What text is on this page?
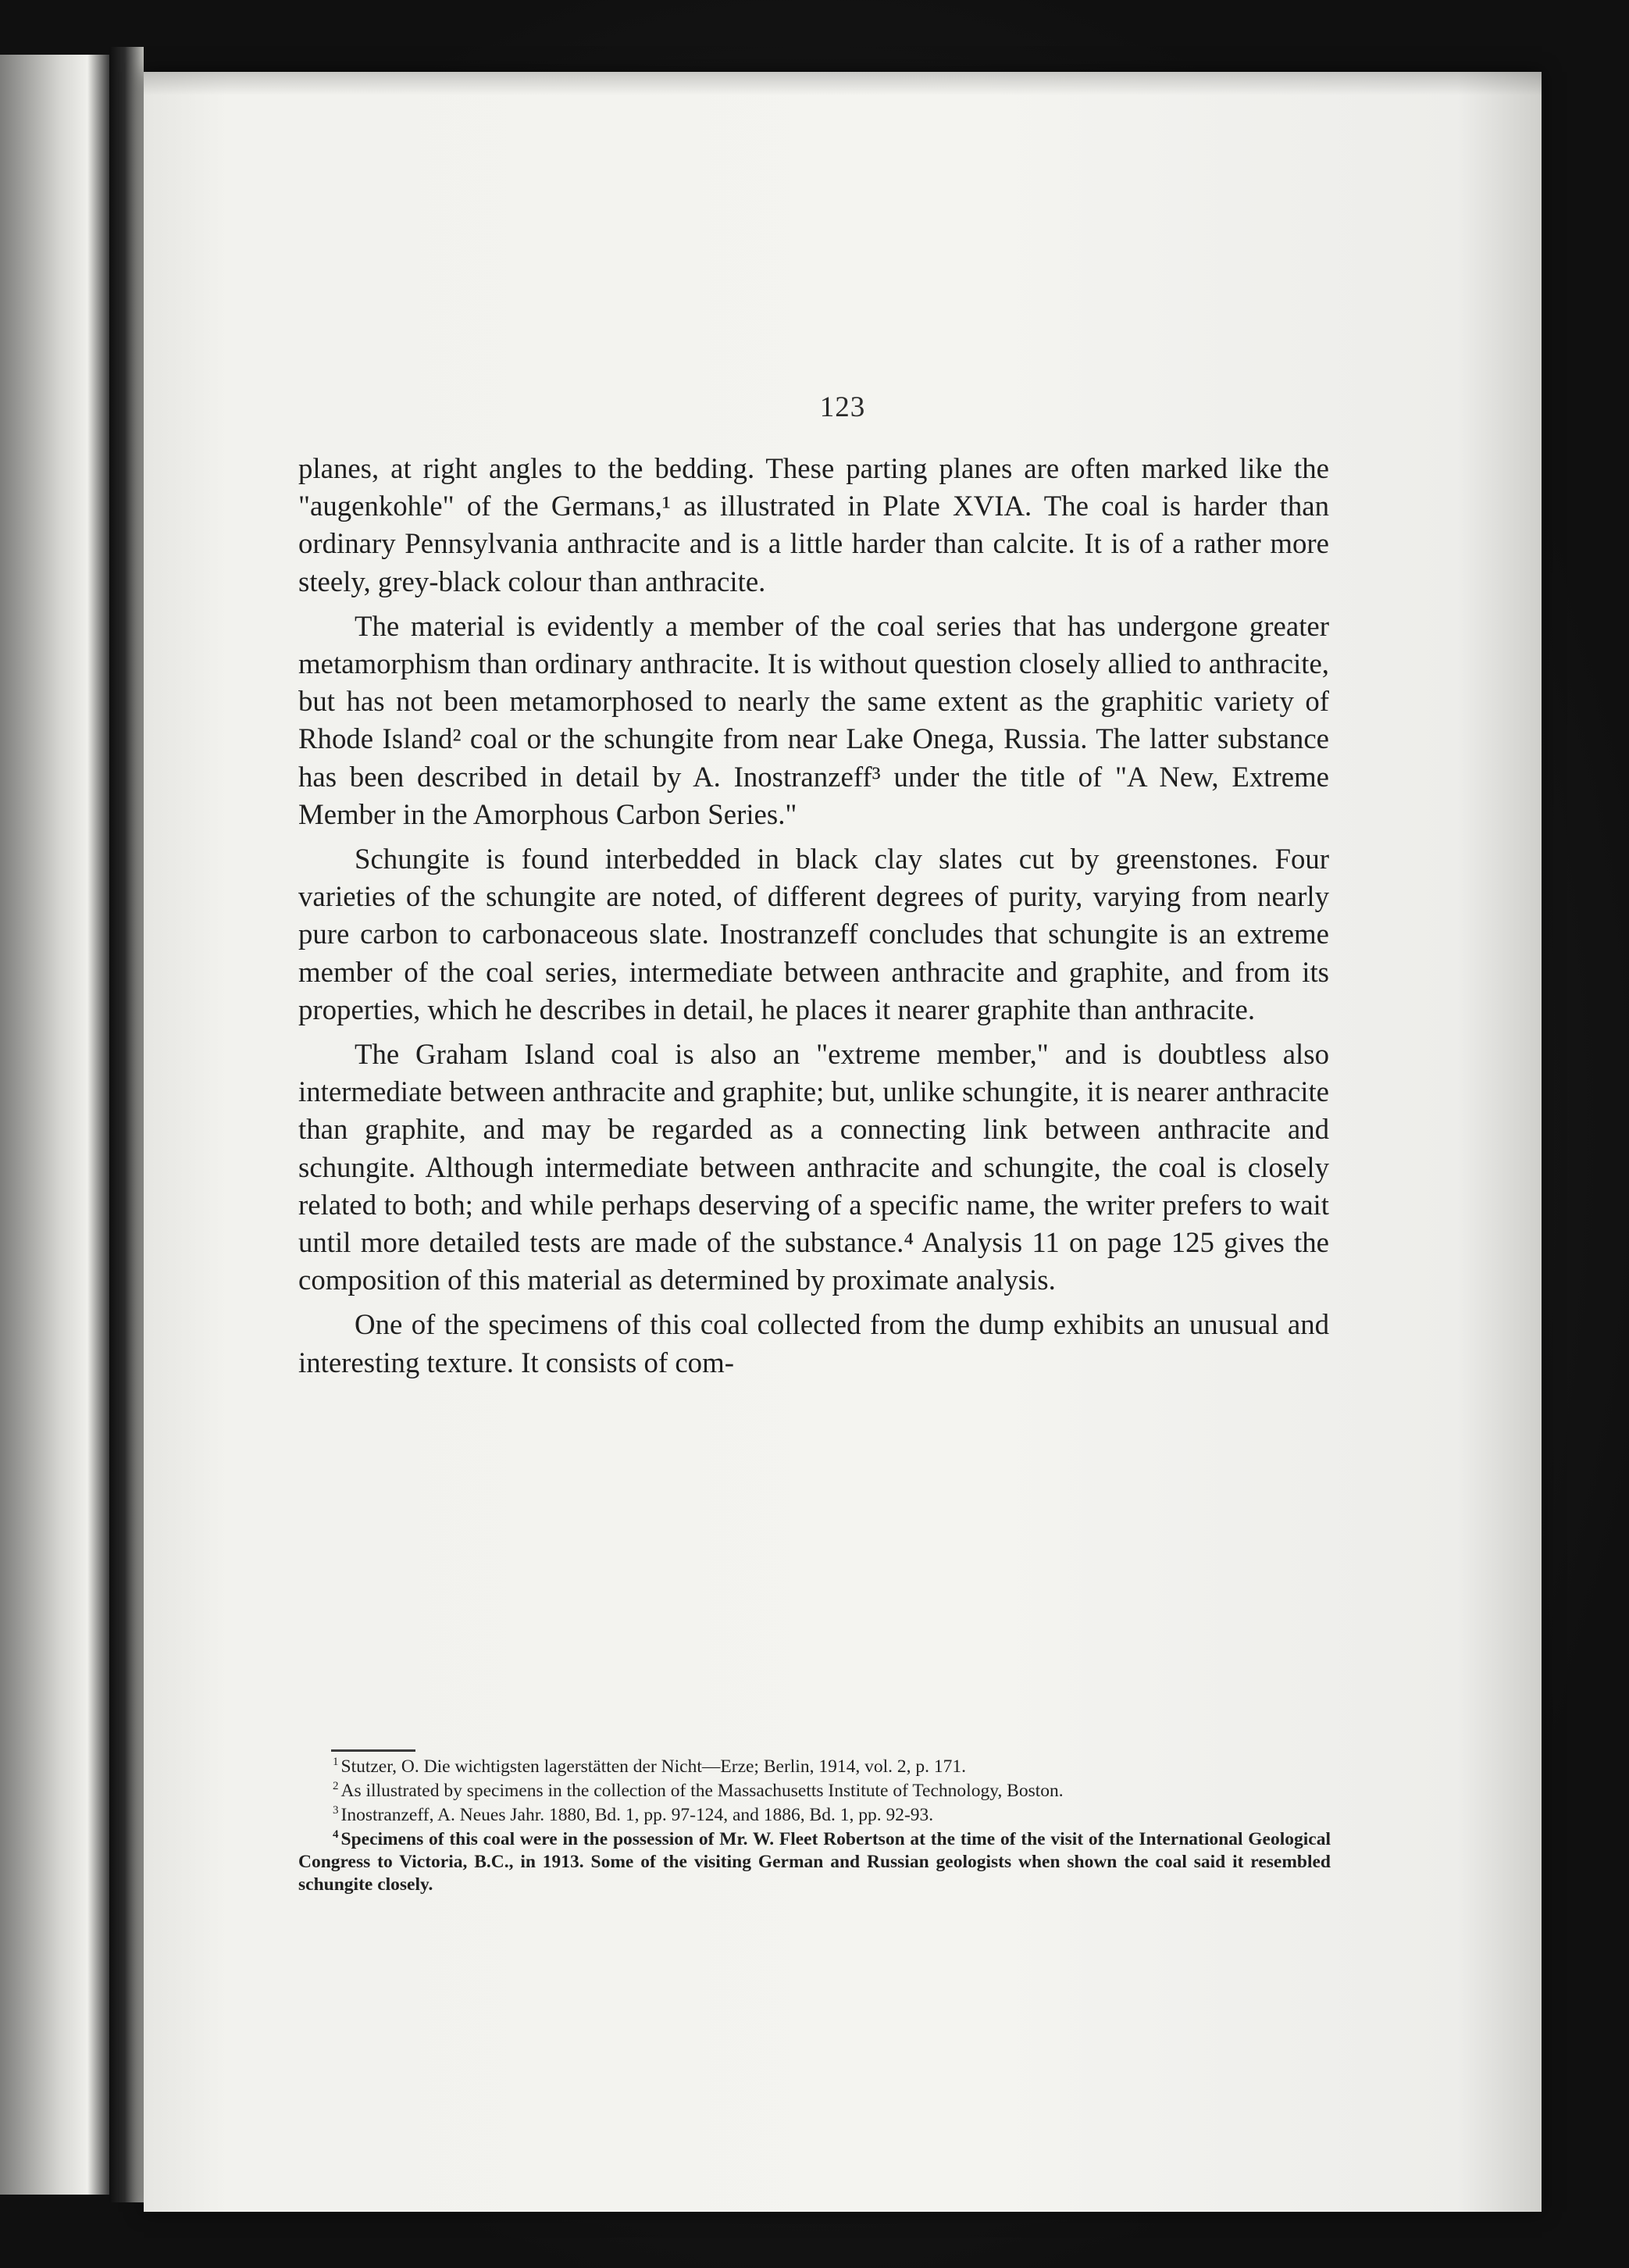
123

planes, at right angles to the bedding. These parting planes are often marked like the "augenkohle" of the Germans,¹ as illustrated in Plate XVIA. The coal is harder than ordinary Pennsylvania anthracite and is a little harder than calcite. It is of a rather more steely, grey-black colour than anthracite.

The material is evidently a member of the coal series that has undergone greater metamorphism than ordinary anthracite. It is without question closely allied to anthracite, but has not been metamorphosed to nearly the same extent as the graphitic variety of Rhode Island² coal or the schungite from near Lake Onega, Russia. The latter substance has been described in detail by A. Inostranzeff³ under the title of "A New, Extreme Member in the Amorphous Carbon Series."

Schungite is found interbedded in black clay slates cut by greenstones. Four varieties of the schungite are noted, of different degrees of purity, varying from nearly pure carbon to carbonaceous slate. Inostranzeff concludes that schungite is an extreme member of the coal series, intermediate between anthracite and graphite, and from its properties, which he describes in detail, he places it nearer graphite than anthracite.

The Graham Island coal is also an "extreme member," and is doubtless also intermediate between anthracite and graphite; but, unlike schungite, it is nearer anthracite than graphite, and may be regarded as a connecting link between anthracite and schungite. Although intermediate between anthracite and schungite, the coal is closely related to both; and while perhaps deserving of a specific name, the writer prefers to wait until more detailed tests are made of the substance.⁴ Analysis 11 on page 125 gives the composition of this material as determined by proximate analysis.

One of the specimens of this coal collected from the dump exhibits an unusual and interesting texture. It consists of com-

$^1$ Stutzer, O. Die wichtigsten lagerstätten der Nicht—Erze; Berlin, 1914, vol. 2, p. 171.

$^2$ As illustrated by specimens in the collection of the Massachusetts Institute of Technology, Boston.

$^3$ Inostranzeff, A. Neues Jahr. 1880, Bd. 1, pp. 97-124, and 1886, Bd. 1, pp. 92-93.

$^4$ Specimens of this coal were in the possession of Mr. W. Fleet Robertson at the time of the visit of the International Geological Congress to Victoria, B.C., in 1913. Some of the visiting German and Russian geologists when shown the coal said it resembled schungite closely.
